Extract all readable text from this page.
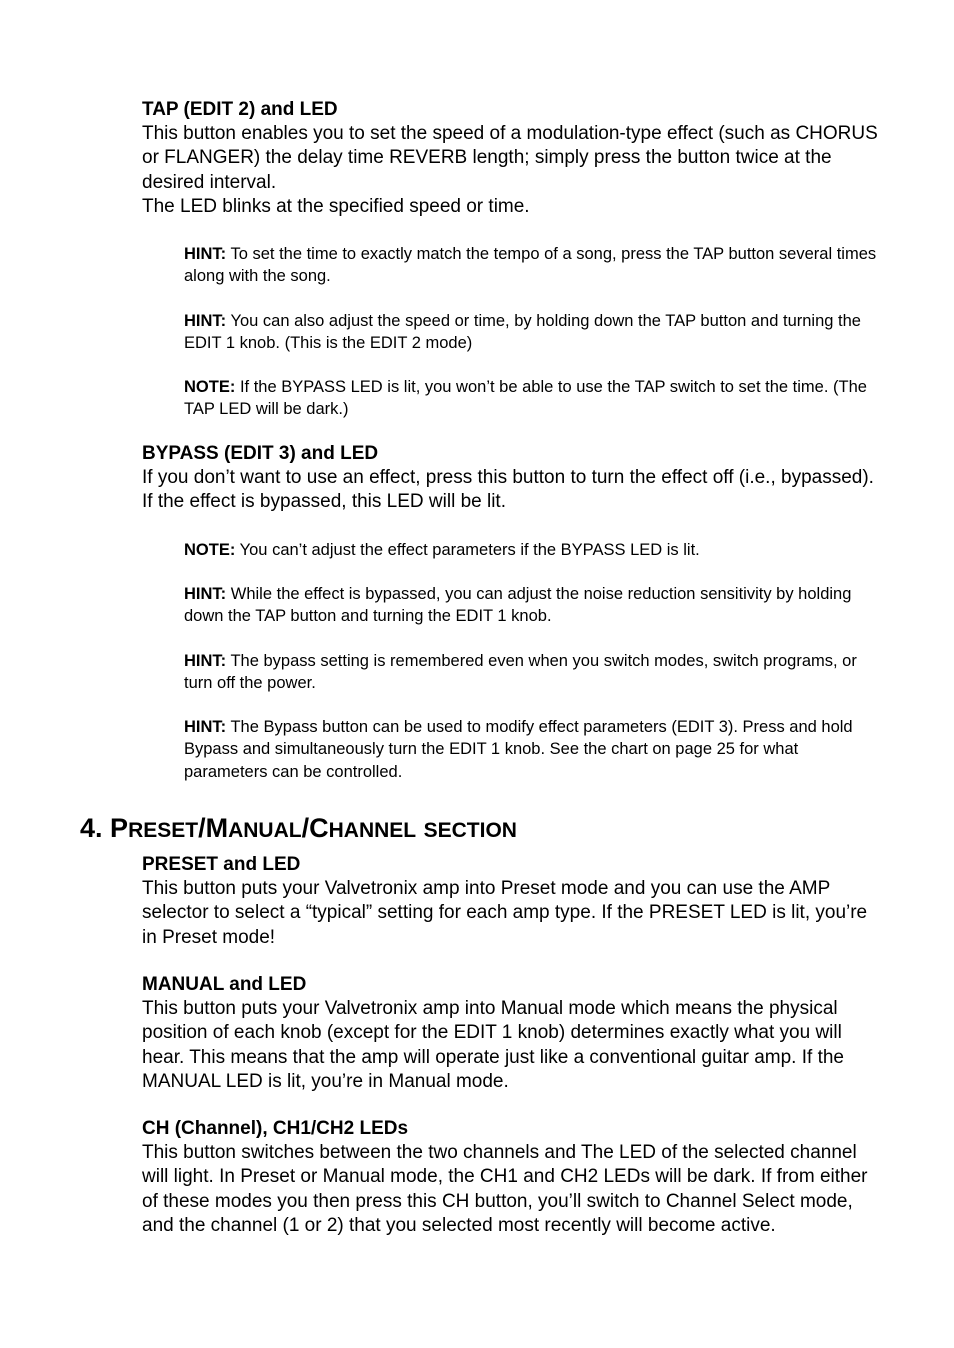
TAP (EDIT 2) and LED

This button enables you to set the speed of a modulation-type effect (such as CHORUS or FLANGER) the delay time REVERB length; simply press the button twice at the desired interval.

The LED blinks at the specified speed or time.

HINT: To set the time to exactly match the tempo of a song, press the TAP button several times along with the song.

HINT: You can also adjust the speed or time, by holding down the TAP button and turning the EDIT 1 knob. (This is the EDIT 2 mode)

NOTE: If the BYPASS LED is lit, you won’t be able to use the TAP switch to set the time. (The TAP LED will be dark.)

BYPASS (EDIT 3) and LED

If you don’t want to use an effect, press this button to turn the effect off (i.e., bypassed). If the effect is bypassed, this LED will be lit.

NOTE: You can’t adjust the effect parameters if the BYPASS LED is lit.

HINT: While the effect is bypassed, you can adjust the noise reduction sensitivity by holding down the TAP button and turning the EDIT 1 knob.

HINT: The bypass setting is remembered even when you switch modes, switch programs, or turn off the power.

HINT: The Bypass button can be used to modify effect parameters (EDIT 3). Press and hold Bypass and simultaneously turn the EDIT 1 knob. See the chart on page 25 for what parameters can be controlled.

4. PRESET/MANUAL/CHANNEL SECTION

PRESET and LED

This button puts your Valvetronix amp into Preset mode and you can use the AMP selector to select a “typical” setting for each amp type. If the PRESET LED is lit, you’re in Preset mode!

MANUAL and LED

This button puts your Valvetronix amp into Manual mode which means the physical position of each knob (except for the EDIT 1 knob) determines exactly what you will hear. This means that the amp will operate just like a conventional guitar amp. If the MANUAL LED is lit, you’re in Manual mode.

CH (Channel), CH1/CH2 LEDs

This button switches between the two channels and The LED of the selected channel will light. In Preset or Manual mode, the CH1 and CH2 LEDs will be dark. If from either of these modes you then press this CH button, you’ll switch to Channel Select mode, and the channel (1 or 2) that you selected most recently will become active.
